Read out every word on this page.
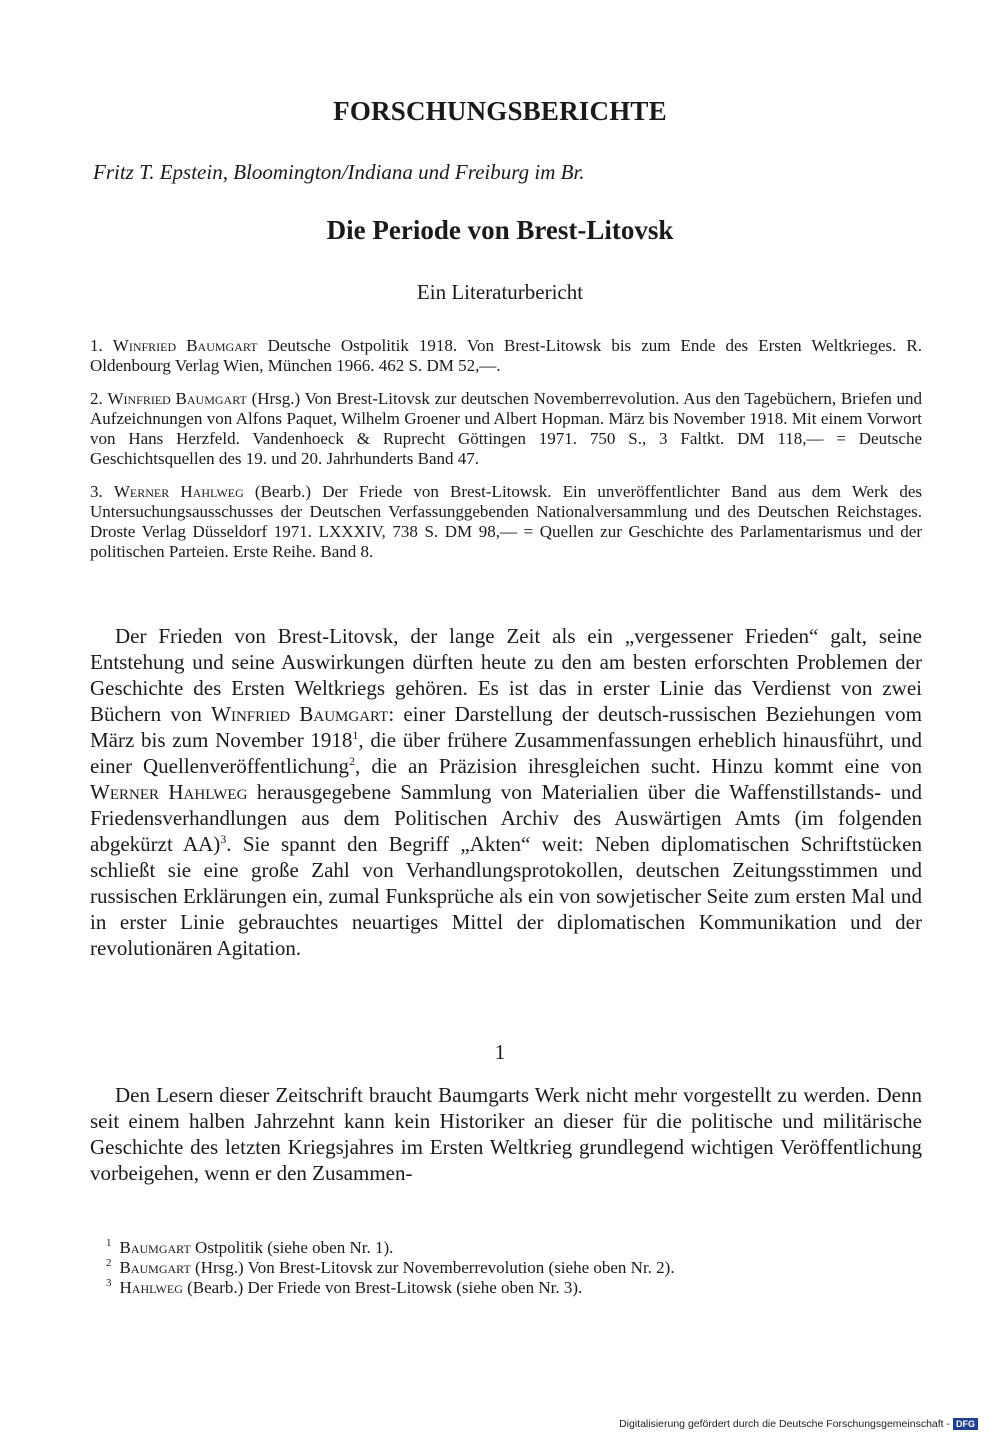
FORSCHUNGSBERICHTE
Fritz T. Epstein, Bloomington/Indiana und Freiburg im Br.
Die Periode von Brest-Litovsk
Ein Literaturbericht

1. Winfried Baumgart Deutsche Ostpolitik 1918. Von Brest-Litowsk bis zum Ende des Ersten Weltkrieges. R. Oldenbourg Verlag Wien, München 1966. 462 S. DM 52,—.

2. Winfried Baumgart (Hrsg.) Von Brest-Litovsk zur deutschen Novemberrevolution. Aus den Tagebüchern, Briefen und Aufzeichnungen von Alfons Paquet, Wilhelm Groener und Albert Hopman. März bis November 1918. Mit einem Vorwort von Hans Herzfeld. Vandenhoeck & Ruprecht Göttingen 1971. 750 S., 3 Faltkt. DM 118,— = Deutsche Geschichtsquellen des 19. und 20. Jahrhunderts Band 47.

3. Werner Hahlweg (Bearb.) Der Friede von Brest-Litowsk. Ein unveröffentlichter Band aus dem Werk des Untersuchungsausschusses der Deutschen Verfassunggebenden Nationalversammlung und des Deutschen Reichstages. Droste Verlag Düsseldorf 1971. LXXXIV, 738 S. DM 98,— = Quellen zur Geschichte des Parlamentarismus und der politischen Parteien. Erste Reihe. Band 8.

Der Frieden von Brest-Litovsk, der lange Zeit als ein „vergessener Frieden“ galt, seine Entstehung und seine Auswirkungen dürften heute zu den am besten erforschten Problemen der Geschichte des Ersten Weltkriegs gehören. Es ist das in erster Linie das Verdienst von zwei Büchern von Winfried Baumgart: einer Darstellung der deutsch-russischen Beziehungen vom März bis zum November 1918$^1$, die über frühere Zusammenfassungen erheblich hinausführt, und einer Quellenveröffentlichung$^2$, die an Präzision ihresgleichen sucht. Hinzu kommt eine von Werner Hahlweg herausgegebene Sammlung von Materialien über die Waffenstillstands- und Friedensverhandlungen aus dem Politischen Archiv des Auswärtigen Amts (im folgenden abgekürzt AA)$^3$. Sie spannt den Begriff „Akten“ weit: Neben diplomatischen Schriftstücken schließt sie eine große Zahl von Verhandlungsprotokollen, deutschen Zeitungsstimmen und russischen Erklärungen ein, zumal Funksprüche als ein von sowjetischer Seite zum ersten Mal und in erster Linie gebrauchtes neuartiges Mittel der diplomatischen Kommunikation und der revolutionären Agitation.

1

Den Lesern dieser Zeitschrift braucht Baumgarts Werk nicht mehr vorgestellt zu werden. Denn seit einem halben Jahrzehnt kann kein Historiker an dieser für die politische und militärische Geschichte des letzten Kriegsjahres im Ersten Weltkrieg grundlegend wichtigen Veröffentlichung vorbeigehen, wenn er den Zusammen-

$^1$ Baumgart Ostpolitik (siehe oben Nr. 1).

$^2$ Baumgart (Hrsg.) Von Brest-Litovsk zur Novemberrevolution (siehe oben Nr. 2).

$^3$ Hahlweg (Bearb.) Der Friede von Brest-Litowsk (siehe oben Nr. 3).

Digitalisierung gefördert durch die Deutsche Forschungsgemeinschaft - DFG
